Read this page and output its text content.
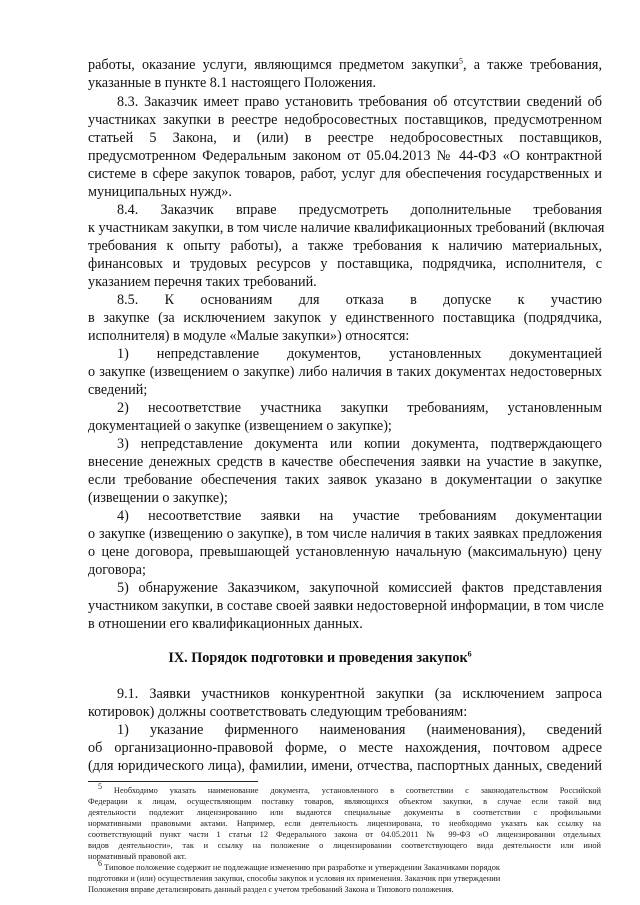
работы, оказание услуги, являющимся предметом закупки$^5$, а также требования,
указанные в пункте 8.1 настоящего Положения.
8.3. Заказчик имеет право установить требования об отсутствии сведений об
участниках закупки в реестре недобросовестных поставщиков, предусмотренном
статьей 5 Закона, и (или) в реестре недобросовестных поставщиков,
предусмотренном Федеральным законом от 05.04.2013 № 44-ФЗ «О контрактной
системе в сфере закупок товаров, работ, услуг для обеспечения государственных и
муниципальных нужд».
8.4. Заказчик вправе предусмотреть дополнительные требования
к участникам закупки, в том числе наличие квалификационных требований (включая
требования к опыту работы), а также требования к наличию материальных,
финансовых и трудовых ресурсов у поставщика, подрядчика, исполнителя, с
указанием перечня таких требований.
8.5. К основаниям для отказа в допуске к участию
в закупке (за исключением закупок у единственного поставщика (подрядчика,
исполнителя) в модуле «Малые закупки») относятся:
1) непредставление документов, установленных документацией
о закупке (извещением о закупке) либо наличия в таких документах недостоверных
сведений;
2) несоответствие участника закупки требованиям, установленным
документацией о закупке (извещением о закупке);
3) непредставление документа или копии документа, подтверждающего
внесение денежных средств в качестве обеспечения заявки на участие в закупке,
если требование обеспечения таких заявок указано в документации о закупке
(извещении о закупке);
4) несоответствие заявки на участие требованиям документации
о закупке (извещению о закупке), в том числе наличия в таких заявках предложения
о цене договора, превышающей установленную начальную (максимальную) цену
договора;
5) обнаружение Заказчиком, закупочной комиссией фактов представления
участником закупки, в составе своей заявки недостоверной информации, в том числе
в отношении его квалификационных данных.
IX. Порядок подготовки и проведения закупок$^6$
9.1. Заявки участников конкурентной закупки (за исключением запроса
котировок) должны соответствовать следующим требованиям:
1) указание фирменного наименования (наименования), сведений
об организационно-правовой форме, о месте нахождения, почтовом адресе
(для юридического лица), фамилии, имени, отчества, паспортных данных, сведений
$^5$ Необходимо указать наименование документа, установленного в соответствии с законодательством Российской
Федерации к лицам, осуществляющим поставку товаров, являющихся объектом закупки, в случае если такой вид
деятельности подлежит лицензированию или выдаются специальные документы в соответствии с профильными
нормативными правовыми актами. Например, если деятельность лицензирована, то необходимо указать как ссылку на
соответствующий пункт части 1 статьи 12 Федерального закона от 04.05.2011 № 99-ФЗ «О лицензировании отдельных
видов деятельности», так и ссылку на положение о лицензировании соответствующего вида деятельности или иной
нормативный правовой акт.
$^6$ Типовое положение содержит не подлежащие изменению при разработке и утверждении Заказчиками порядок
подготовки и (или) осуществления закупки, способы закупок и условия их применения. Заказчик при утверждении
Положения вправе детализировать данный раздел с учетом требований Закона и Типового положения.
